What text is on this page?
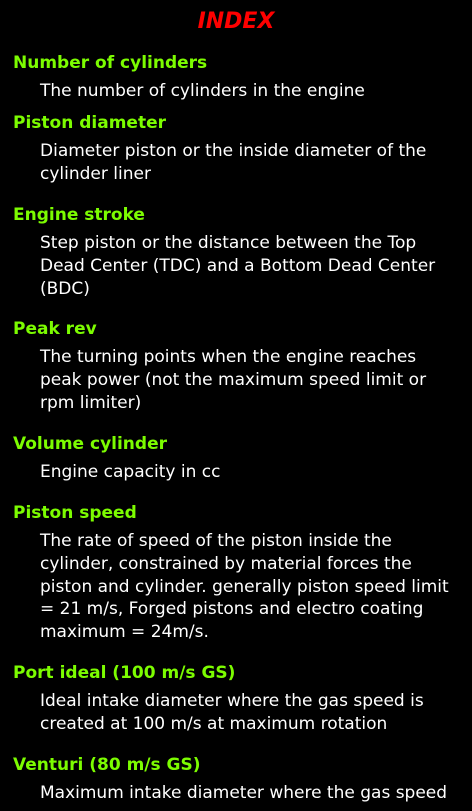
INDEX
Number of cylinders
The number of cylinders in the engine
Piston diameter
Diameter piston or the inside diameter of the cylinder liner
Engine stroke
Step piston or the distance between the Top Dead Center (TDC) and a Bottom Dead Center (BDC)
Peak rev
The turning points when the engine reaches peak power (not the maximum speed limit or rpm limiter)
Volume cylinder
Engine capacity in cc
Piston speed
The rate of speed of the piston inside the cylinder, constrained by material forces the piston and cylinder. generally piston speed limit = 21 m/s, Forged pistons and electro coating maximum = 24m/s.
Port ideal (100 m/s GS)
Ideal intake diameter where the gas speed is created at 100 m/s at maximum rotation
Venturi (80 m/s GS)
Maximum intake diameter where the gas speed
